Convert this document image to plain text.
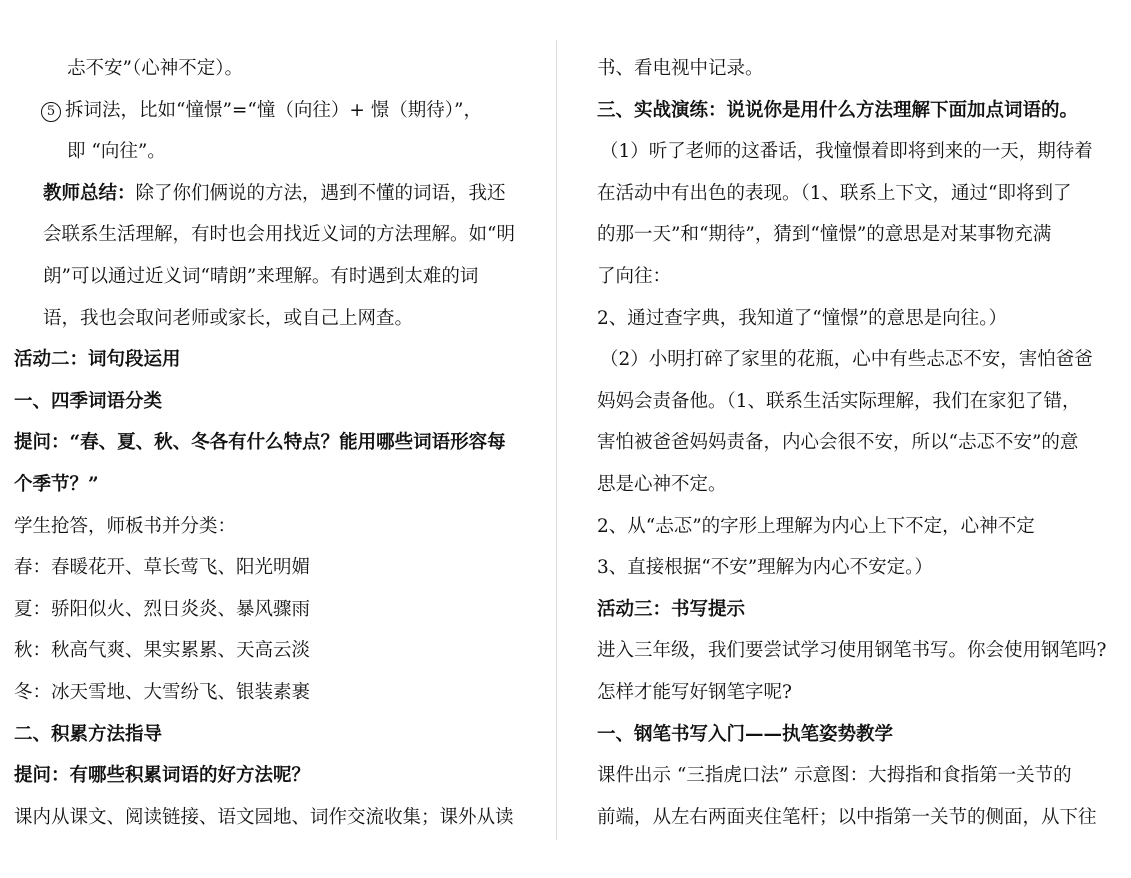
忐不安”（心神不定）。
5 拆词法，比如“憧憬”=“憧（向往）+ 憬（期待）”，
即 “向往”。
教师总结：除了你们俩说的方法，遇到不懂的词语，我还
会联系生活理解，有时也会用找近义词的方法理解。如“明
朗”可以通过近义词“晴朗”来理解。有时遇到太难的词
语，我也会取问老师或家长，或自己上网查。
活动二：词句段运用
一、四季词语分类
提问：“春、夏、秋、冬各有什么特点？能用哪些词语形容每
个季节？”
学生抢答，师板书并分类：
春：春暖花开、草长莺飞、阳光明媚
夏：骄阳似火、烈日炎炎、暴风骤雨
秋：秋高气爽、果实累累、天高云淡
冬：冰天雪地、大雪纷飞、银装素裹
二、积累方法指导
提问：有哪些积累词语的好方法呢？
课内从课文、阅读链接、语文园地、词作交流收集；课外从读
书、看电视中记录。
三、实战演练：说说你是用什么方法理解下面加点词语的。
（1）听了老师的这番话，我憧憬着即将到来的一天，期待着
在活动中有出色的表现。（1、联系上下文，通过“即将到了
的那一天”和“期待”，猜到“憧憬”的意思是对某事物充满
了向往：
2、通过查字典，我知道了“憧憬”的意思是向往。）
（2）小明打碎了家里的花瓶，心中有些忐忑不安，害怕爸爸
妈妈会责备他。（1、联系生活实际理解，我们在家犯了错，
害怕被爸爸妈妈责备，内心会很不安，所以“忐忑不安”的意
思是心神不定。
2、从“忐忑”的字形上理解为内心上下不定，心神不定
3、直接根据“不安”理解为内心不安定。）
活动三：书写提示
进入三年级，我们要尝试学习使用钢笔书写。你会使用钢笔吗?
怎样才能写好钢笔字呢?
一、钢笔书写入门——执笔姿势教学
课件出示 “三指虎口法” 示意图：大拇指和食指第一关节的
前端，从左右两面夹住笔杆；以中指第一关节的侧面，从下往
